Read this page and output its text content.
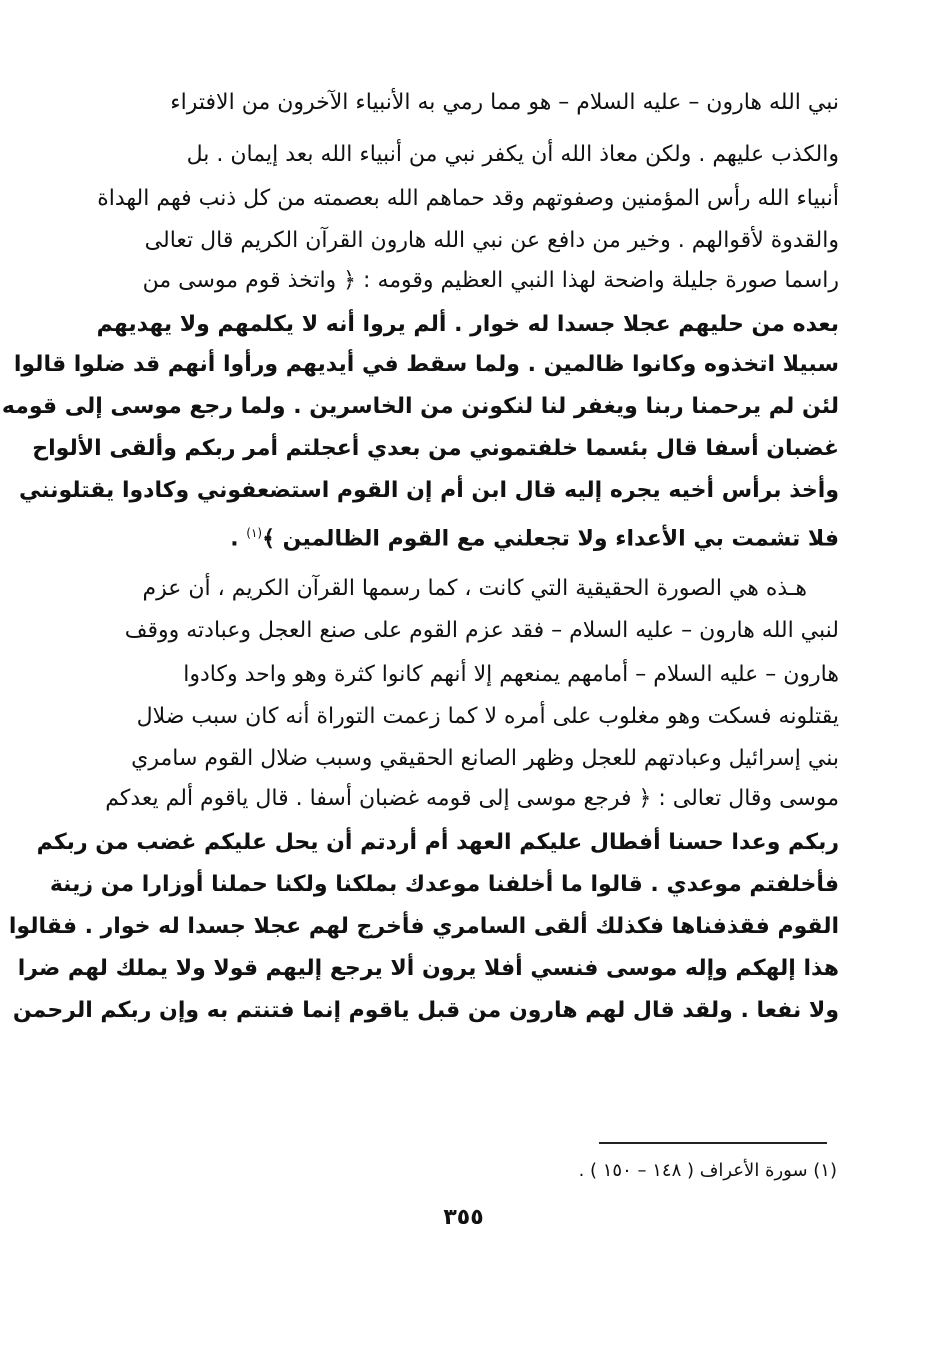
نبي الله هارون – عليه السلام – هو مما رمي به الأنبياء الآخرون من الافتراء
والكذب عليهم . ولكن معاذ الله أن يكفر نبي من أنبياء الله بعد إيمان . بل
أنبياء الله رأس المؤمنين وصفوتهم وقد حماهم الله بعصمته من كل ذنب فهم الهداة
والقدوة لأقوالهم . وخير من دافع عن نبي الله هارون القرآن الكريم قال تعالى
راسما صورة جليلة واضحة لهذا النبي العظيم وقومه : ﴿ واتخذ قوم موسى من
بعده من حليهم عجلا جسدا له خوار . ألم يروا أنه لا يكلمهم ولا يهديهم
سبيلا اتخذوه وكانوا ظالمين . ولما سقط في أيديهم ورأوا أنهم قد ضلوا قالوا
لئن لم يرحمنا ربنا ويغفر لنا لنكونن من الخاسرين . ولما رجع موسى إلى قومه
غضبان أسفا قال بئسما خلفتموني من بعدي أعجلتم أمر ربكم وألقى الألواح
وأخذ برأس أخيه يجره إليه قال ابن أم إن القوم استضعفوني وكادوا يقتلونني
فلا تشمت بي الأعداء ولا تجعلني مع القوم الظالمين ﴾$^{(١)}$ .
هـذه هي الصورة الحقيقية التي كانت ، كما رسمها القرآن الكريم ، أن عزم
لنبي الله هارون – عليه السلام – فقد عزم القوم على صنع العجل وعبادته ووقف
هارون – عليه السلام – أمامهم يمنعهم إلا أنهم كانوا كثرة وهو واحد وكادوا
يقتلونه فسكت وهو مغلوب على أمره لا كما زعمت التوراة أنه كان سبب ضلال
بني إسرائيل وعبادتهم للعجل وظهر الصانع الحقيقي وسبب ضلال القوم سامري
موسى وقال تعالى : ﴿ فرجع موسى إلى قومه غضبان أسفا . قال ياقوم ألم يعدكم
ربكم وعدا حسنا أفطال عليكم العهد أم أردتم أن يحل عليكم غضب من ربكم
فأخلفتم موعدي . قالوا ما أخلفنا موعدك بملكنا ولكنا حملنا أوزارا من زينة
القوم فقذفناها فكذلك ألقى السامري فأخرج لهم عجلا جسدا له خوار . فقالوا
هذا إلهكم وإله موسى فنسي أفلا يرون ألا يرجع إليهم قولا ولا يملك لهم ضرا
ولا نفعا . ولقد قال لهم هارون من قبل ياقوم إنما فتنتم به وإن ربكم الرحمن
(١) سورة الأعراف ( ١٤٨ – ١٥٠ ) .
٣٥٥
